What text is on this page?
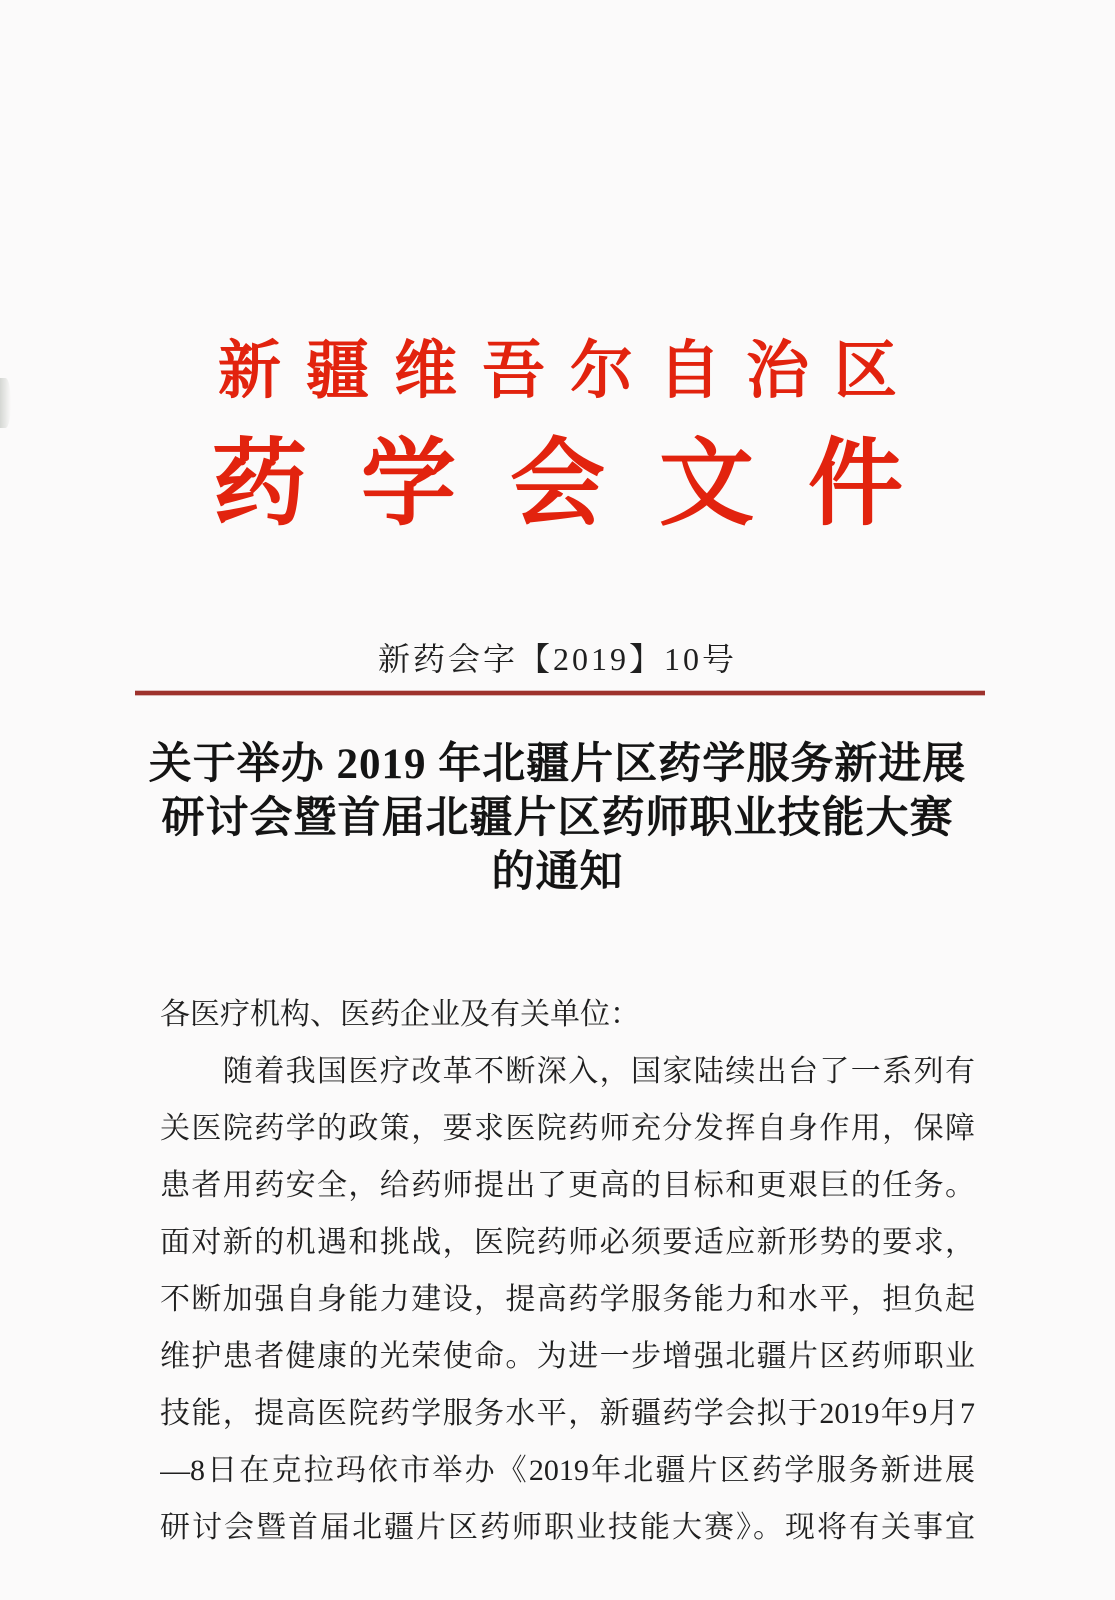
新疆维吾尔自治区
药学会文件
新药会字【2019】10号
关于举办 2019 年北疆片区药学服务新进展
研讨会暨首届北疆片区药师职业技能大赛
的通知
各医疗机构、医药企业及有关单位：
　　随着我国医疗改革不断深入，国家陆续出台了一系列有
关医院药学的政策，要求医院药师充分发挥自身作用，保障
患者用药安全，给药师提出了更高的目标和更艰巨的任务。
面对新的机遇和挑战，医院药师必须要适应新形势的要求，
不断加强自身能力建设，提高药学服务能力和水平，担负起
维护患者健康的光荣使命。为进一步增强北疆片区药师职业
技能，提高医院药学服务水平，新疆药学会拟于2019年9月7
—8日在克拉玛依市举办《2019年北疆片区药学服务新进展
研讨会暨首届北疆片区药师职业技能大赛》。现将有关事宜
